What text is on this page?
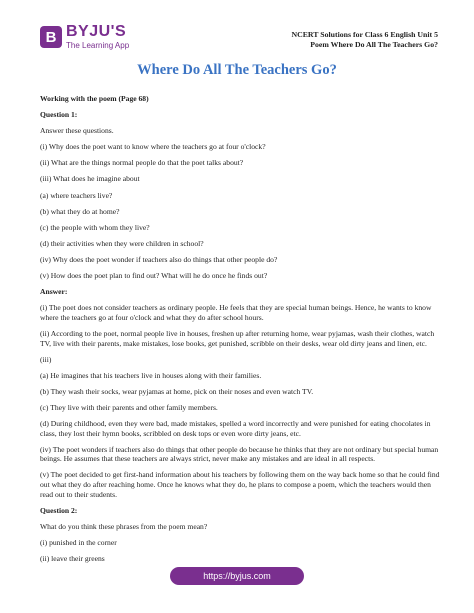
B BYJU'S
The Learning App
NCERT Solutions for Class 6 English Unit 5
Poem Where Do All The Teachers Go?
Where Do All The Teachers Go?

Working with the poem (Page 68)

Question 1:

Answer these questions.

(i) Why does the poet want to know where the teachers go at four o'clock?

(ii) What are the things normal people do that the poet talks about?

(iii) What does he imagine about

(a) where teachers live?

(b) what they do at home?

(c) the people with whom they live?

(d) their activities when they were children in school?

(iv) Why does the poet wonder if teachers also do things that other people do?

(v) How does the poet plan to find out? What will he do once he finds out?

Answer:

(i) The poet does not consider teachers as ordinary people. He feels that they are special human beings. Hence, he wants to know where the teachers go at four o'clock and what they do after school hours.

(ii) According to the poet, normal people live in houses, freshen up after returning home, wear pyjamas, wash their clothes, watch TV, live with their parents, make mistakes, lose books, get punished, scribble on their desks, wear old dirty jeans and linen, etc.

(iii)

(a) He imagines that his teachers live in houses along with their families.

(b) They wash their socks, wear pyjamas at home, pick on their noses and even watch TV.

(c) They live with their parents and other family members.

(d) During childhood, even they were bad, made mistakes, spelled a word incorrectly and were punished for eating chocolates in class, they lost their hymn books, scribbled on desk tops or even wore dirty jeans, etc.

(iv) The poet wonders if teachers also do things that other people do because he thinks that they are not ordinary but special human beings. He assumes that these teachers are always strict, never make any mistakes and are ideal in all respects.

(v) The poet decided to get first-hand information about his teachers by following them on the way back home so that he could find out what they do after reaching home. Once he knows what they do, he plans to compose a poem, which the teachers would then read out to their students.

Question 2:

What do you think these phrases from the poem mean?

(i) punished in the corner

(ii) leave their greens

https://byjus.com
